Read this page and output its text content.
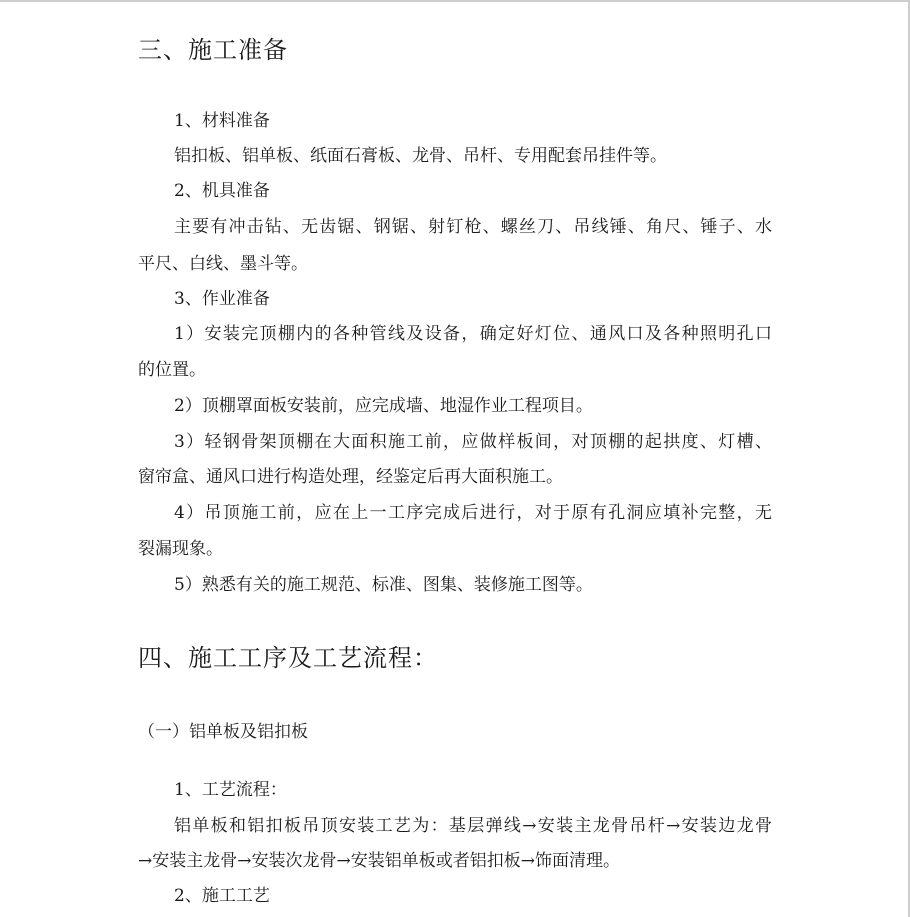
三、施工准备
1、材料准备
铝扣板、铝单板、纸面石膏板、龙骨、吊杆、专用配套吊挂件等。
2、机具准备
主要有冲击钻、无齿锯、钢锯、射钉枪、螺丝刀、吊线锤、角尺、锤子、水
平尺、白线、墨斗等。
3、作业准备
1）安装完顶棚内的各种管线及设备，确定好灯位、通风口及各种照明孔口
的位置。
2）顶棚罩面板安装前，应完成墙、地湿作业工程项目。
3）轻钢骨架顶棚在大面积施工前，应做样板间，对顶棚的起拱度、灯槽、
窗帘盒、通风口进行构造处理，经鉴定后再大面积施工。
4）吊顶施工前，应在上一工序完成后进行，对于原有孔洞应填补完整，无
裂漏现象。
5）熟悉有关的施工规范、标准、图集、装修施工图等。
四、施工工序及工艺流程：
（一）铝单板及铝扣板
1、工艺流程：
铝单板和铝扣板吊顶安装工艺为：基层弹线→安装主龙骨吊杆→安装边龙骨
→安装主龙骨→安装次龙骨→安装铝单板或者铝扣板→饰面清理。
2、施工工艺
